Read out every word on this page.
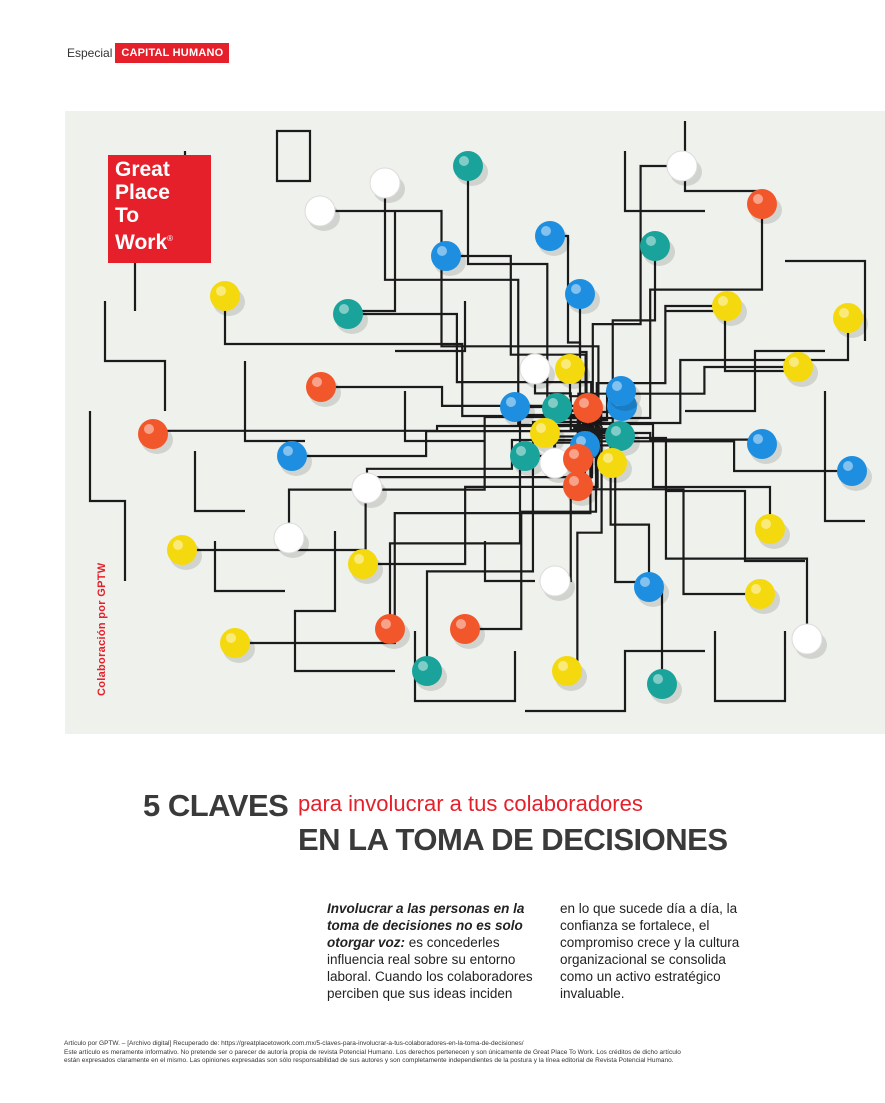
Especial CAPITAL HUMANO
Great
Place
To
Work®
Colaboración por GPTW
5 CLAVES para involucrar a tus colaboradores
EN LA TOMA DE DECISIONES
Involucrar a las personas en la toma de decisiones no es solo otorgar voz: es concederles influencia real sobre su entorno laboral. Cuando los colaboradores perciben que sus ideas inciden
en lo que sucede día a día, la confianza se fortalece, el compromiso crece y la cultura organizacional se consolida como un activo estratégico invaluable.
Artículo por GPTW. – [Archivo digital] Recuperado de: https://greatplacetowork.com.mx/5-claves-para-involucrar-a-tus-colaboradores-en-la-toma-de-decisiones/
Este artículo es meramente informativo. No pretende ser o parecer de autoría propia de revista Potencial Humano. Los derechos pertenecen y son únicamente de Great Place To Work. Los créditos de dicho artículo
están expresados claramente en el mismo. Las opiniones expresadas son sólo responsabilidad de sus autores y son completamente independientes de la postura y la línea editorial de Revista Potencial Humano.
